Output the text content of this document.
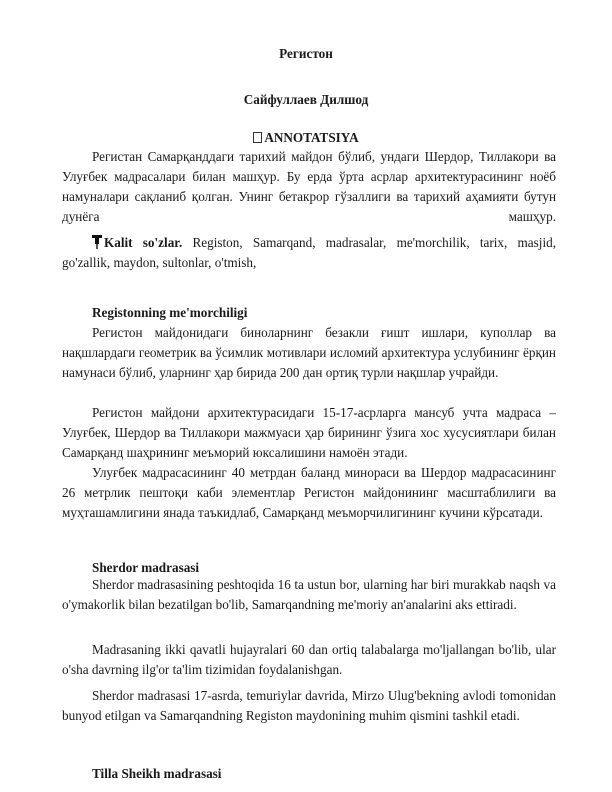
Регистон
Сайфуллаев Дилшод
ANNOTATSIYA
Регистан Самарқанддаги тарихий майдон бўлиб, ундаги Шердор, Тиллакори ва Улуғбек мадрасалари билан машҳур. Бу ерда ўрта асрлар архитектурасининг ноёб намуналари сақланиб қолган. Унинг бетакрор гўзаллиги ва тарихий аҳамияти бутун дунёга машҳур.
Kalit so'zlar. Registon, Samarqand, madrasalar, me'morchilik, tarix, masjid, go'zallik, maydon, sultonlar, o'tmish,
Registonning me'morchiligi
Регистон майдонидаги биноларнинг безакли ғишт ишлари, куполлар ва нақшлардаги геометрик ва ўсимлик мотивлари исломий архитектура услубининг ёрқин намунаси бўлиб, уларнинг ҳар бирида 200 дан ортиқ турли нақшлар учрайди.
Регистон майдони архитектурасидаги 15-17-асрларга мансуб учта мадраса – Улуғбек, Шердор ва Тиллакори мажмуаси ҳар бирининг ўзига хос хусусиятлари билан Самарқанд шаҳрининг меъморий юксалишини намоён этади.
Улуғбек мадрасасининг 40 метрдан баланд минораси ва Шердор мадрасасининг 26 метрлик пештоқи каби элементлар Регистон майдонининг масштаблилиги ва муҳташамлигини янада таъкидлаб, Самарқанд меъморчилигининг кучини кўрсатади.
Sherdor madrasasi
Sherdor madrasasining peshtoqida 16 ta ustun bor, ularning har biri murakkab naqsh va o'ymakorlik bilan bezatilgan bo'lib, Samarqandning me'moriy an'analarini aks ettiradi.
Madrasaning ikki qavatli hujayralari 60 dan ortiq talabalarga mo'ljallangan bo'lib, ular o'sha davrning ilg'or ta'lim tizimidan foydalanishgan.
Sherdor madrasasi 17-asrda, temuriylar davrida, Mirzo Ulug'bekning avlodi tomonidan bunyod etilgan va Samarqandning Registon maydonining muhim qismini tashkil etadi.
Tilla Sheikh madrasasi
